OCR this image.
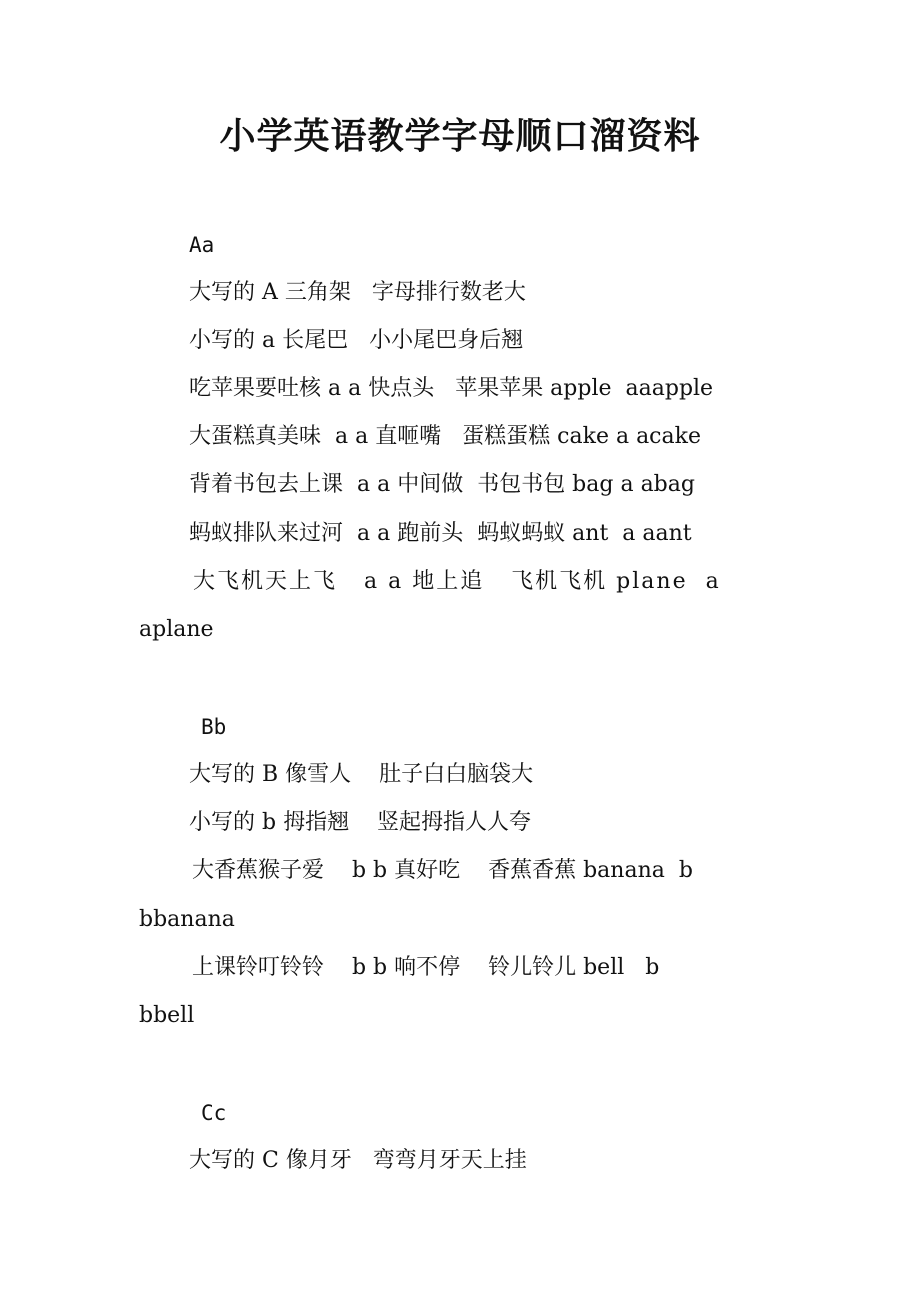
小学英语教学字母顺口溜资料
Aa
大写的 A 三角架   字母排行数老大
小写的 a 长尾巴   小小尾巴身后翘
吃苹果要吐核 a a 快点头   苹果苹果 apple  aaapple
大蛋糕真美味  a a 直咂嘴   蛋糕蛋糕 cake a acake
背着书包去上课  a a 中间做  书包书包 bag a abag
蚂蚁排队来过河  a a 跑前头  蚂蚁蚂蚁 ant  a aant
大飞机天上飞   a a 地上追   飞机飞机 plane  a
aplane
Bb
大写的 B 像雪人    肚子白白脑袋大
小写的 b 拇指翘    竖起拇指人人夸
大香蕉猴子爱    b b 真好吃    香蕉香蕉 banana  b
bbanana
上课铃叮铃铃    b b 响不停    铃儿铃儿 bell   b
bbell
Cc
大写的 C 像月牙   弯弯月牙天上挂
